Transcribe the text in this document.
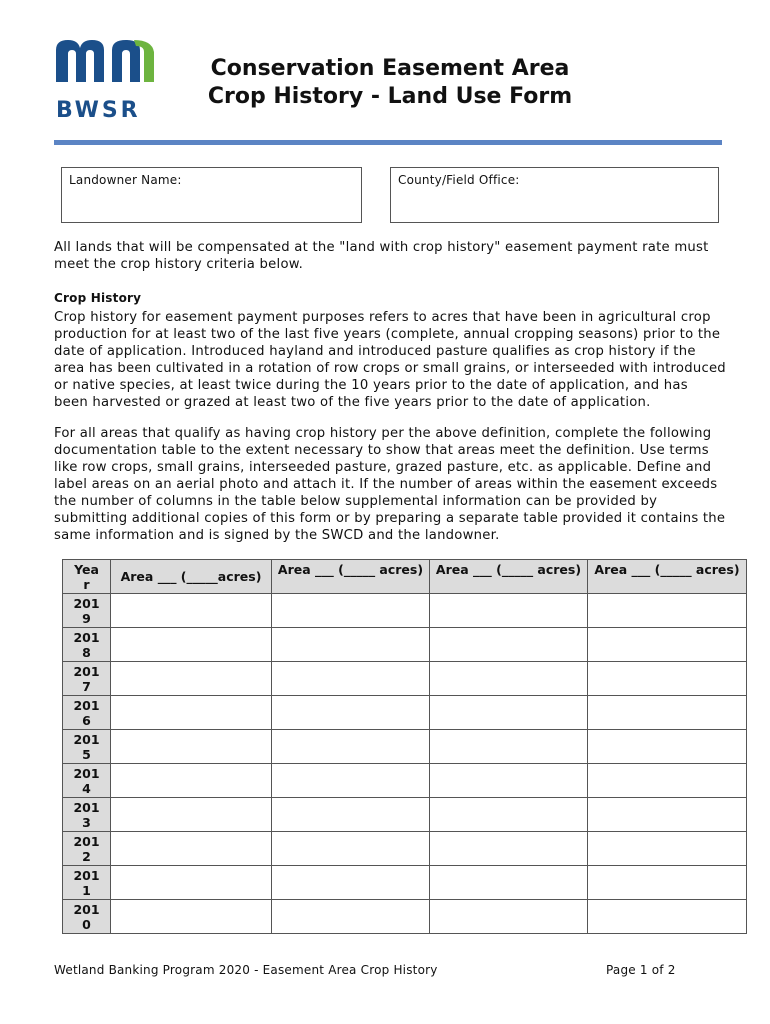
BWSR
Conservation Easement Area
Crop History - Land Use Form
Landowner Name:	County/Field Office:
All lands that will be compensated at the "land with crop history" easement payment rate must meet the crop history criteria below.
Crop History

Crop history for easement payment purposes refers to acres that have been in agricultural crop production for at least two of the last five years (complete, annual cropping seasons) prior to the date of application. Introduced hayland and introduced pasture qualifies as crop history if the area has been cultivated in a rotation of row crops or small grains, or interseeded with introduced or native species, at least twice during the 10 years prior to the date of application, and has been harvested or grazed at least two of the five years prior to the date of application.

For all areas that qualify as having crop history per the above definition, complete the following documentation table to the extent necessary to show that areas meet the definition. Use terms like row crops, small grains, interseeded pasture, grazed pasture, etc. as applicable. Define and label areas on an aerial photo and attach it. If the number of areas within the easement exceeds the number of columns in the table below supplemental information can be provided by submitting additional copies of this form or by preparing a separate table provided it contains the same information and is signed by the SWCD and the landowner.

Year	Area ___ (_____acres)	Area ___ (_____ acres)	Area ___ (_____ acres)	Area ___ (_____ acres)

2019				

2018				

2017				

2016				

2015				

2014				

2013				

2012				

2011				

2010				

Wetland Banking Program 2020 - Easement Area Crop History	Page 1 of 2
